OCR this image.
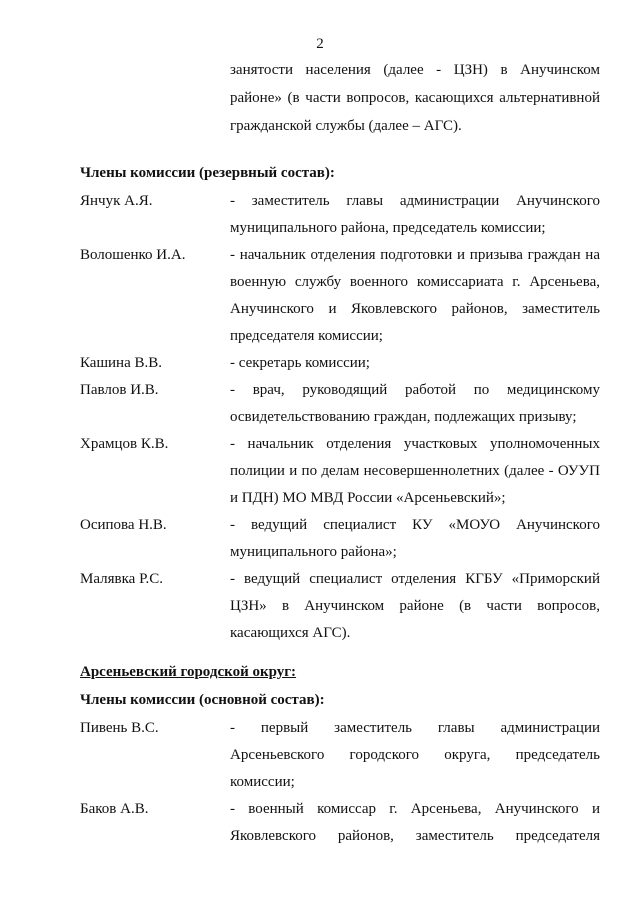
2
занятости населения (далее - ЦЗН) в Анучинском
районе» (в части вопросов, касающихся альтернативной
гражданской службы (далее – АГС).
Члены комиссии (резервный состав):
Янчук А.Я.	- заместитель главы администрации Анучинского
муниципального района, председатель комиссии;
Волошенко И.А.	- начальник отделения подготовки и призыва граждан на
военную службу военного комиссариата г. Арсеньева,
Анучинского и Яковлевского районов, заместитель
председателя комиссии;
Кашина В.В.	- секретарь комиссии;
Павлов И.В.	- врач, руководящий работой по медицинскому
освидетельствованию граждан, подлежащих призыву;
Храмцов К.В.	- начальник отделения участковых уполномоченных
полиции и по делам несовершеннолетних (далее - ОУУП
и ПДН) МО МВД России «Арсеньевский»;
Осипова Н.В.	- ведущий специалист КУ «МОУО Анучинского
муниципального района»;
Малявка Р.С.	- ведущий специалист отделения КГБУ «Приморский
ЦЗН» в Анучинском районе (в части вопросов,
касающихся АГС).
Арсеньевский городской округ:
Члены комиссии (основной состав):
Пивень В.С.	- первый заместитель главы администрации
Арсеньевского городского округа, председатель
комиссии;
Баков А.В.	- военный комиссар г. Арсеньева, Анучинского и
Яковлевского районов, заместитель председателя
